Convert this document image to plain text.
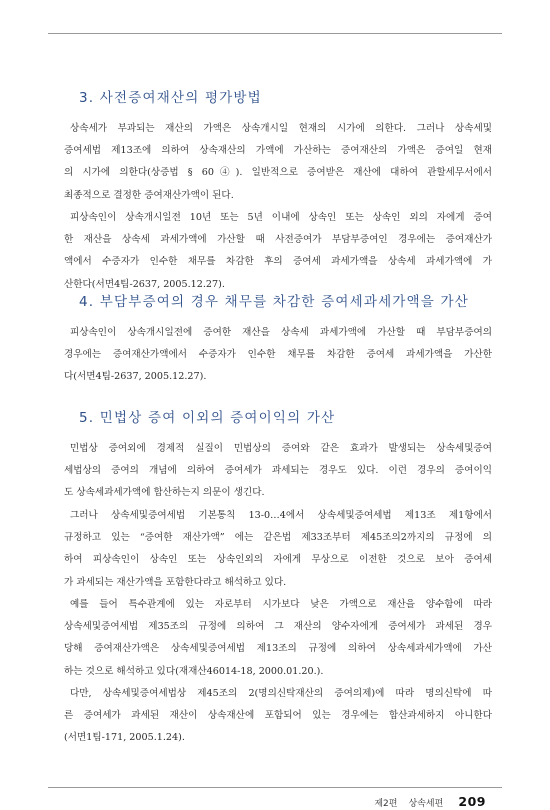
3. 사전증여재산의 평가방법
상속세가 부과되는 재산의 가액은 상속개시일 현재의 시가에 의한다. 그러나 상속세및
증여세법 제13조에 의하여 상속재산의 가액에 가산하는 증여재산의 가액은 증여일 현재
의 시가에 의한다(상증법 § 60④). 일반적으로 증여받은 재산에 대하여 관할세무서에서
최종적으로 결정한 증여재산가액이 된다.
피상속인이 상속개시일전 10년 또는 5년 이내에 상속인 또는 상속인 외의 자에게 증여
한 재산을 상속세 과세가액에 가산할 때 사전증여가 부담부증여인 경우에는 증여재산가
액에서 수증자가 인수한 채무를 차감한 후의 증여세 과세가액을 상속세 과세가액에 가
산한다(서면4팀-2637, 2005.12.27).
4. 부담부증여의 경우 채무를 차감한 증여세과세가액을 가산
피상속인이 상속개시일전에 증여한 재산을 상속세 과세가액에 가산할 때 부담부증여의
경우에는 증여재산가액에서 수증자가 인수한 채무를 차감한 증여세 과세가액을 가산한
다(서면4팀-2637, 2005.12.27).
5. 민법상 증여 이외의 증여이익의 가산
민법상 증여외에 경제적 실질이 민법상의 증여와 같은 효과가 발생되는 상속세및증여
세법상의 증여의 개념에 의하여 증여세가 과세되는 경우도 있다. 이런 경우의 증여이익
도 상속세과세가액에 합산하는지 의문이 생긴다.
그러나 상속세및증여세법 기본통칙 13-0…4에서 상속세및증여세법 제13조 제1항에서
규정하고 있는 “증여한 재산가액” 에는 같은법 제33조부터 제45조의2까지의 규정에 의
하여 피상속인이 상속인 또는 상속인외의 자에게 무상으로 이전한 것으로 보아 증여세
가 과세되는 재산가액을 포함한다라고 해석하고 있다.
예를 들어 특수관계에 있는 자로부터 시가보다 낮은 가액으로 재산을 양수함에 따라
상속세및증여세법 제35조의 규정에 의하여 그 재산의 양수자에게 증여세가 과세된 경우
당해 증여재산가액은 상속세및증여세법 제13조의 규정에 의하여 상속세과세가액에 가산
하는 것으로 해석하고 있다(재재산46014-18, 2000.01.20.).
다만, 상속세및증여세법상 제45조의 2(명의신탁재산의 증여의제)에 따라 명의신탁에 따
른 증여세가 과세된 재산이 상속재산에 포함되어 있는 경우에는 합산과세하지 아니한다
(서면1팀-171, 2005.1.24).
제2편 상속세편 209
